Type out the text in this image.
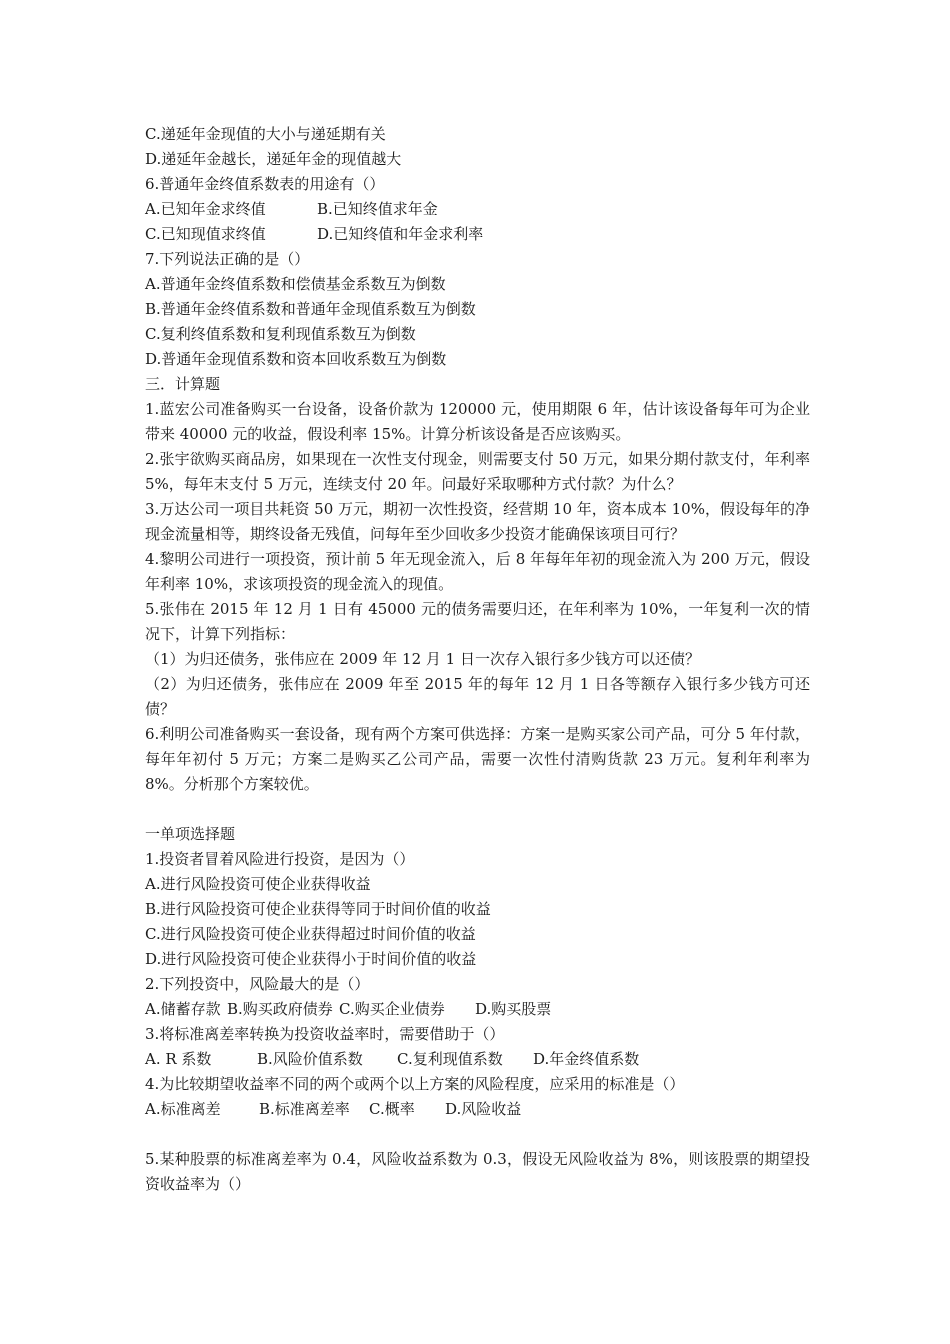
C.递延年金现值的大小与递延期有关
D.递延年金越长，递延年金的现值越大
6.普通年金终值系数表的用途有（）
A.已知年金求终值	B.已知终值求年金
C.已知现值求终值	D.已知终值和年金求利率
7.下列说法正确的是（）
A.普通年金终值系数和偿债基金系数互为倒数
B.普通年金终值系数和普通年金现值系数互为倒数
C.复利终值系数和复利现值系数互为倒数
D.普通年金现值系数和资本回收系数互为倒数
三．计算题
1.蓝宏公司准备购买一台设备，设备价款为 120000 元，使用期限 6 年，估计该设备每年可为企业带来 40000 元的收益，假设利率 15%。计算分析该设备是否应该购买。
2.张宇欲购买商品房，如果现在一次性支付现金，则需要支付 50 万元，如果分期付款支付，年利率 5%，每年末支付 5 万元，连续支付 20 年。问最好采取哪种方式付款？为什么？
3.万达公司一项目共耗资 50 万元，期初一次性投资，经营期 10 年，资本成本 10%，假设每年的净现金流量相等，期终设备无残值，问每年至少回收多少投资才能确保该项目可行？
4.黎明公司进行一项投资，预计前 5 年无现金流入，后 8 年每年年初的现金流入为 200 万元，假设年利率 10%，求该项投资的现金流入的现值。
5.张伟在 2015 年 12 月 1 日有 45000 元的债务需要归还，在年利率为 10%，一年复利一次的情况下，计算下列指标：
（1）为归还债务，张伟应在 2009 年 12 月 1 日一次存入银行多少钱方可以还债？
（2）为归还债务，张伟应在 2009 年至 2015 年的每年 12 月 1 日各等额存入银行多少钱方可还债？
6.利明公司准备购买一套设备，现有两个方案可供选择：方案一是购买家公司产品，可分 5 年付款，每年年初付 5 万元；方案二是购买乙公司产品，需要一次性付清购货款 23 万元。复利年利率为 8%。分析那个方案较优。
一单项选择题
1.投资者冒着风险进行投资，是因为（）
A.进行风险投资可使企业获得收益
B.进行风险投资可使企业获得等同于时间价值的收益
C.进行风险投资可使企业获得超过时间价值的收益
D.进行风险投资可使企业获得小于时间价值的收益
2.下列投资中，风险最大的是（）
A.储蓄存款 B.购买政府债券 C.购买企业债券 D.购买股票
3.将标准离差率转换为投资收益率时，需要借助于（）
A. R 系数	B.风险价值系数 C.复利现值系数 D.年金终值系数
4.为比较期望收益率不同的两个或两个以上方案的风险程度，应采用的标准是（）
A.标准离差	B.标准离差率 C.概率 D.风险收益
5.某种股票的标准离差率为 0.4，风险收益系数为 0.3，假设无风险收益为 8%，则该股票的期望投资收益率为（）
